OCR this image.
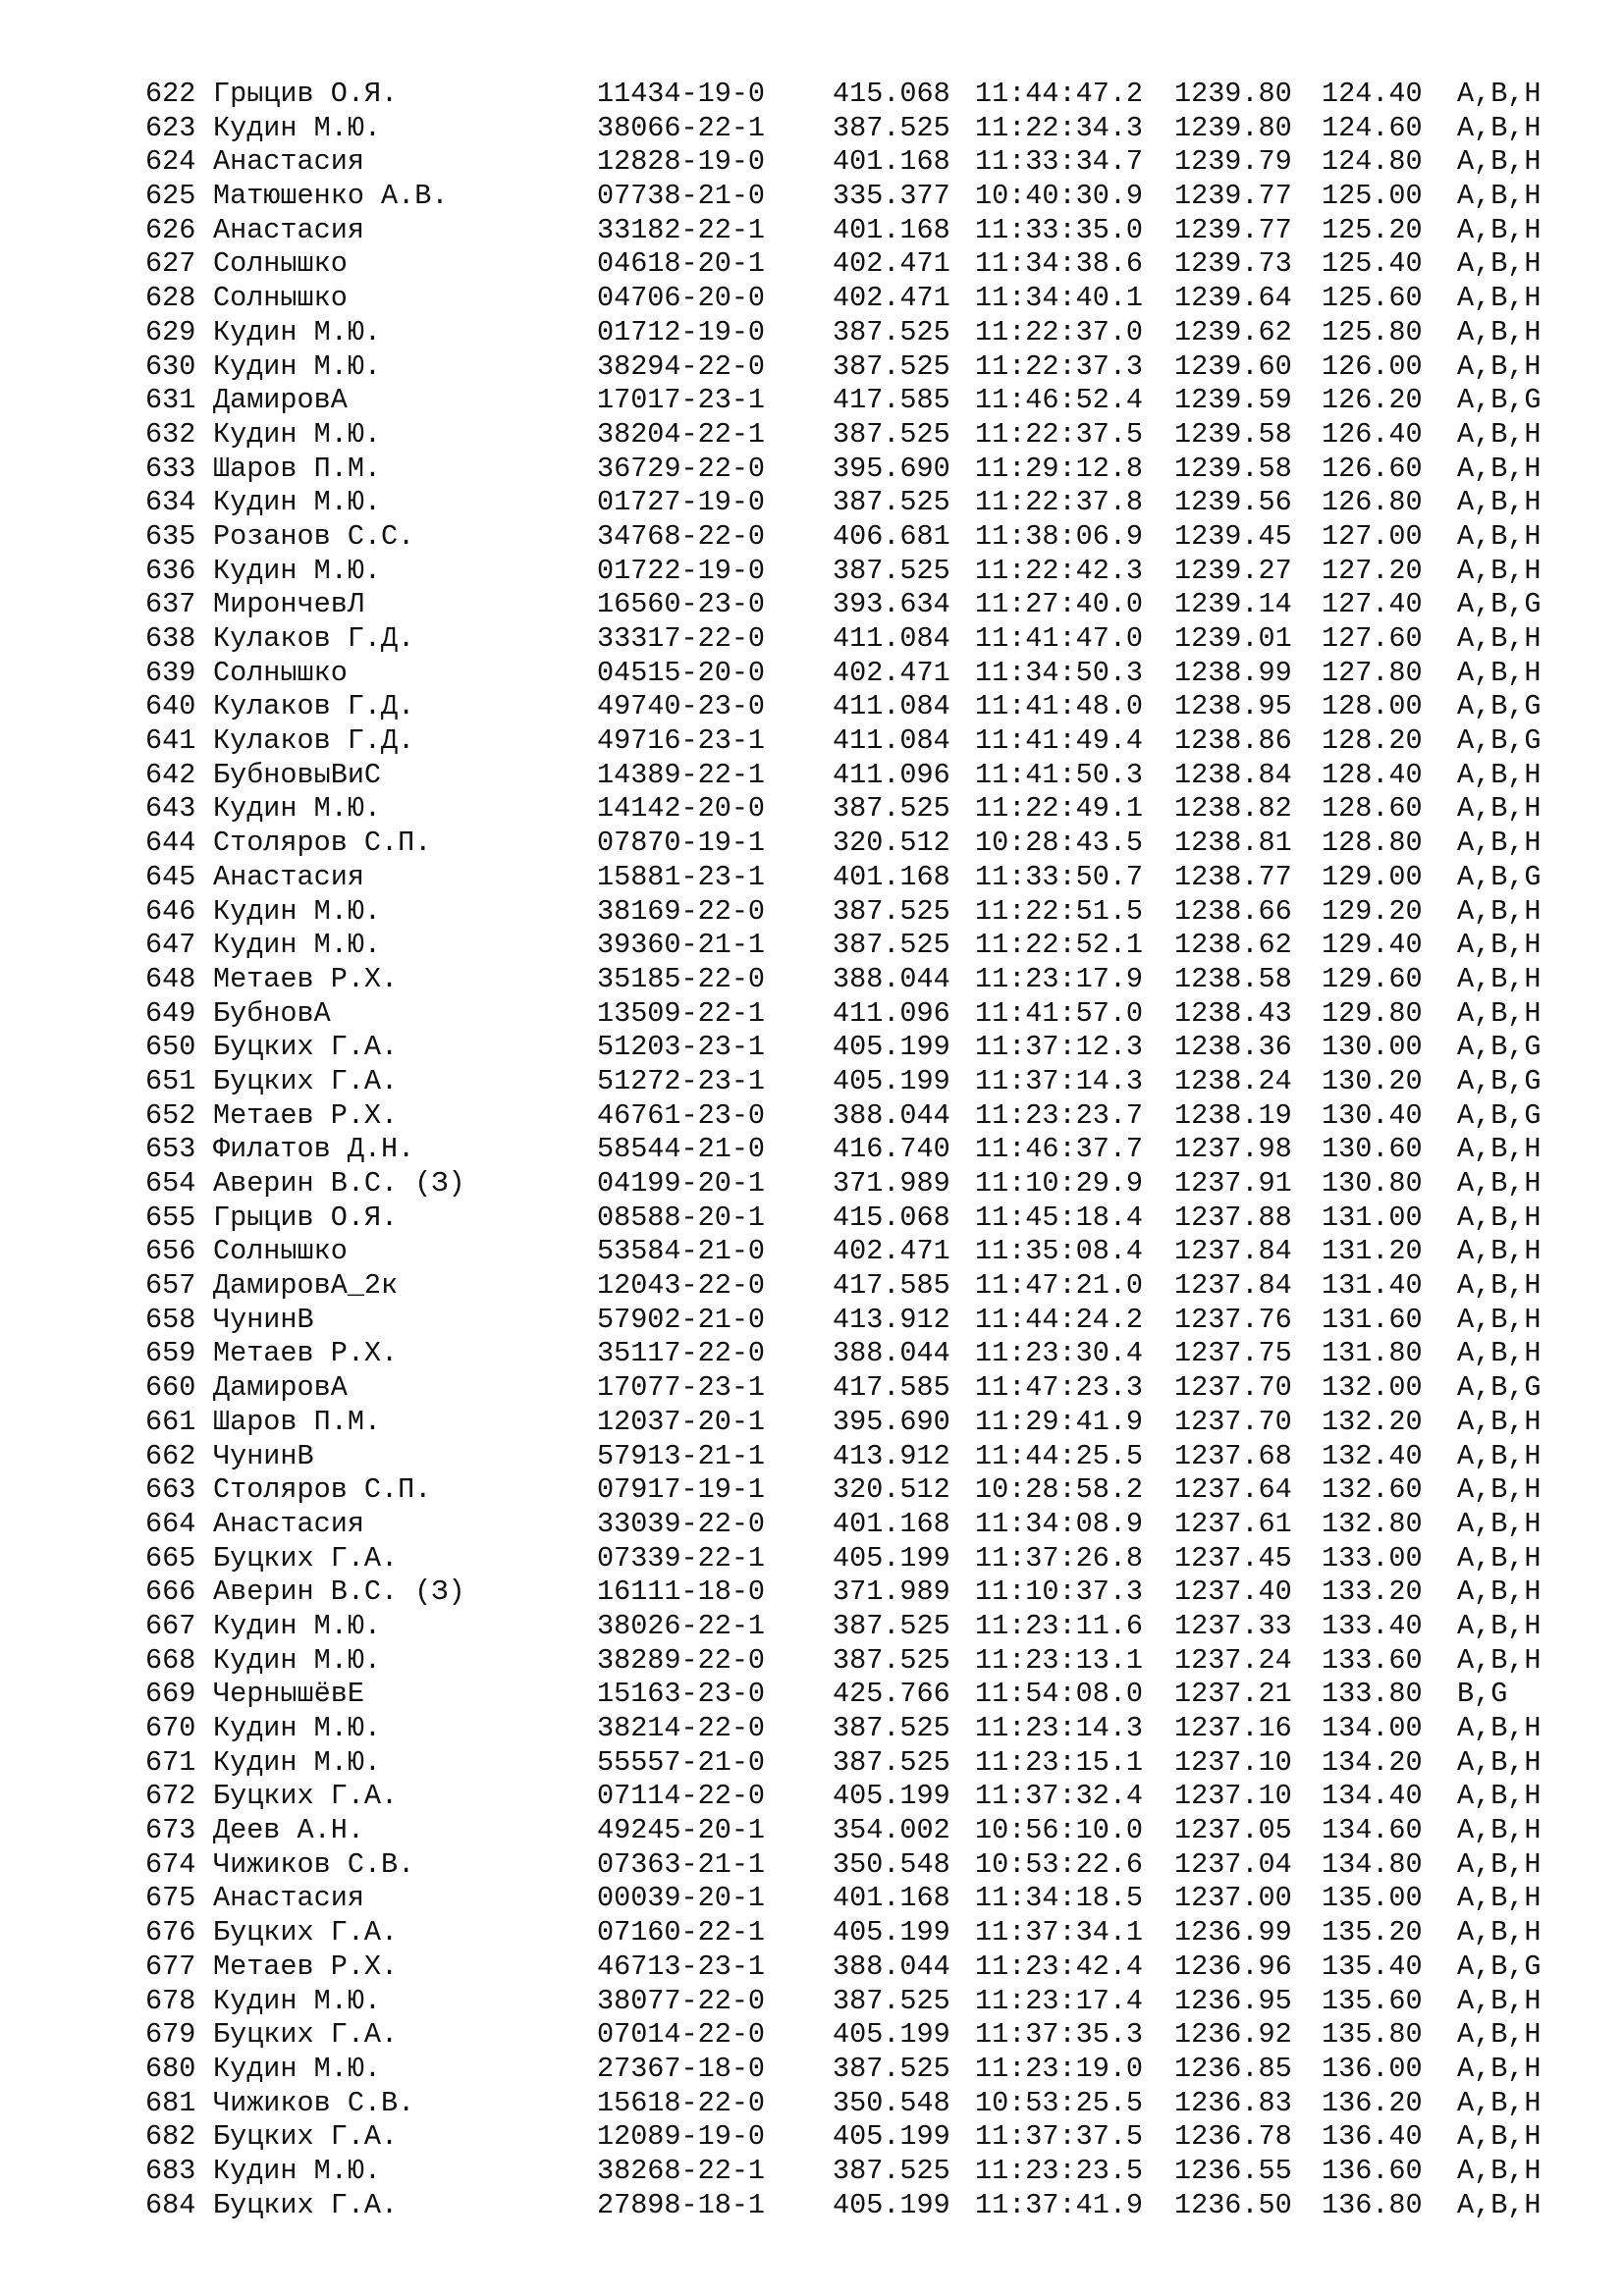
622 Грыцив О.Я.	11434-19-0 415.068 11:44:47.2 1239.80 124.40 A,B,H
623 Кудин М.Ю.	38066-22-1 387.525 11:22:34.3 1239.80 124.60 A,B,H
624 Анастасия	12828-19-0 401.168 11:33:34.7 1239.79 124.80 A,B,H
625 Матюшенко А.В.	07738-21-0 335.377 10:40:30.9 1239.77 125.00 A,B,H
626 Анастасия	33182-22-1 401.168 11:33:35.0 1239.77 125.20 A,B,H
627 Солнышко	04618-20-1 402.471 11:34:38.6 1239.73 125.40 A,B,H
628 Солнышко	04706-20-0 402.471 11:34:40.1 1239.64 125.60 A,B,H
629 Кудин М.Ю.	01712-19-0 387.525 11:22:37.0 1239.62 125.80 A,B,H
630 Кудин М.Ю.	38294-22-0 387.525 11:22:37.3 1239.60 126.00 A,B,H
631 ДамировА	17017-23-1 417.585 11:46:52.4 1239.59 126.20 A,B,G
632 Кудин М.Ю.	38204-22-1 387.525 11:22:37.5 1239.58 126.40 A,B,H
633 Шаров П.М.	36729-22-0 395.690 11:29:12.8 1239.58 126.60 A,B,H
634 Кудин М.Ю.	01727-19-0 387.525 11:22:37.8 1239.56 126.80 A,B,H
635 Розанов С.С.	34768-22-0 406.681 11:38:06.9 1239.45 127.00 A,B,H
636 Кудин М.Ю.	01722-19-0 387.525 11:22:42.3 1239.27 127.20 A,B,H
637 МирончевЛ	16560-23-0 393.634 11:27:40.0 1239.14 127.40 A,B,G
638 Кулаков Г.Д.	33317-22-0 411.084 11:41:47.0 1239.01 127.60 A,B,H
639 Солнышко	04515-20-0 402.471 11:34:50.3 1238.99 127.80 A,B,H
640 Кулаков Г.Д.	49740-23-0 411.084 11:41:48.0 1238.95 128.00 A,B,G
641 Кулаков Г.Д.	49716-23-1 411.084 11:41:49.4 1238.86 128.20 A,B,G
642 БубновыВиС	14389-22-1 411.096 11:41:50.3 1238.84 128.40 A,B,H
643 Кудин М.Ю.	14142-20-0 387.525 11:22:49.1 1238.82 128.60 A,B,H
644 Столяров С.П.	07870-19-1 320.512 10:28:43.5 1238.81 128.80 A,B,H
645 Анастасия	15881-23-1 401.168 11:33:50.7 1238.77 129.00 A,B,G
646 Кудин М.Ю.	38169-22-0 387.525 11:22:51.5 1238.66 129.20 A,B,H
647 Кудин М.Ю.	39360-21-1 387.525 11:22:52.1 1238.62 129.40 A,B,H
648 Метаев Р.Х.	35185-22-0 388.044 11:23:17.9 1238.58 129.60 A,B,H
649 БубновА	13509-22-1 411.096 11:41:57.0 1238.43 129.80 A,B,H
650 Буцких Г.А.	51203-23-1 405.199 11:37:12.3 1238.36 130.00 A,B,G
651 Буцких Г.А.	51272-23-1 405.199 11:37:14.3 1238.24 130.20 A,B,G
652 Метаев Р.Х.	46761-23-0 388.044 11:23:23.7 1238.19 130.40 A,B,G
653 Филатов Д.Н.	58544-21-0 416.740 11:46:37.7 1237.98 130.60 A,B,H
654 Аверин В.С. (З)	04199-20-1 371.989 11:10:29.9 1237.91 130.80 A,B,H
655 Грыцив О.Я.	08588-20-1 415.068 11:45:18.4 1237.88 131.00 A,B,H
656 Солнышко	53584-21-0 402.471 11:35:08.4 1237.84 131.20 A,B,H
657 ДамировА_2к	12043-22-0 417.585 11:47:21.0 1237.84 131.40 A,B,H
658 ЧунинВ	57902-21-0 413.912 11:44:24.2 1237.76 131.60 A,B,H
659 Метаев Р.Х.	35117-22-0 388.044 11:23:30.4 1237.75 131.80 A,B,H
660 ДамировА	17077-23-1 417.585 11:47:23.3 1237.70 132.00 A,B,G
661 Шаров П.М.	12037-20-1 395.690 11:29:41.9 1237.70 132.20 A,B,H
662 ЧунинВ	57913-21-1 413.912 11:44:25.5 1237.68 132.40 A,B,H
663 Столяров С.П.	07917-19-1 320.512 10:28:58.2 1237.64 132.60 A,B,H
664 Анастасия	33039-22-0 401.168 11:34:08.9 1237.61 132.80 A,B,H
665 Буцких Г.А.	07339-22-1 405.199 11:37:26.8 1237.45 133.00 A,B,H
666 Аверин В.С. (З)	16111-18-0 371.989 11:10:37.3 1237.40 133.20 A,B,H
667 Кудин М.Ю.	38026-22-1 387.525 11:23:11.6 1237.33 133.40 A,B,H
668 Кудин М.Ю.	38289-22-0 387.525 11:23:13.1 1237.24 133.60 A,B,H
669 ЧернышёвЕ	15163-23-0 425.766 11:54:08.0 1237.21 133.80 B,G
670 Кудин М.Ю.	38214-22-0 387.525 11:23:14.3 1237.16 134.00 A,B,H
671 Кудин М.Ю.	55557-21-0 387.525 11:23:15.1 1237.10 134.20 A,B,H
672 Буцких Г.А.	07114-22-0 405.199 11:37:32.4 1237.10 134.40 A,B,H
673 Деев А.Н.	49245-20-1 354.002 10:56:10.0 1237.05 134.60 A,B,H
674 Чижиков С.В.	07363-21-1 350.548 10:53:22.6 1237.04 134.80 A,B,H
675 Анастасия	00039-20-1 401.168 11:34:18.5 1237.00 135.00 A,B,H
676 Буцких Г.А.	07160-22-1 405.199 11:37:34.1 1236.99 135.20 A,B,H
677 Метаев Р.Х.	46713-23-1 388.044 11:23:42.4 1236.96 135.40 A,B,G
678 Кудин М.Ю.	38077-22-0 387.525 11:23:17.4 1236.95 135.60 A,B,H
679 Буцких Г.А.	07014-22-0 405.199 11:37:35.3 1236.92 135.80 A,B,H
680 Кудин М.Ю.	27367-18-0 387.525 11:23:19.0 1236.85 136.00 A,B,H
681 Чижиков С.В.	15618-22-0 350.548 10:53:25.5 1236.83 136.20 A,B,H
682 Буцких Г.А.	12089-19-0 405.199 11:37:37.5 1236.78 136.40 A,B,H
683 Кудин М.Ю.	38268-22-1 387.525 11:23:23.5 1236.55 136.60 A,B,H
684 Буцких Г.А.	27898-18-1 405.199 11:37:41.9 1236.50 136.80 A,B,H
